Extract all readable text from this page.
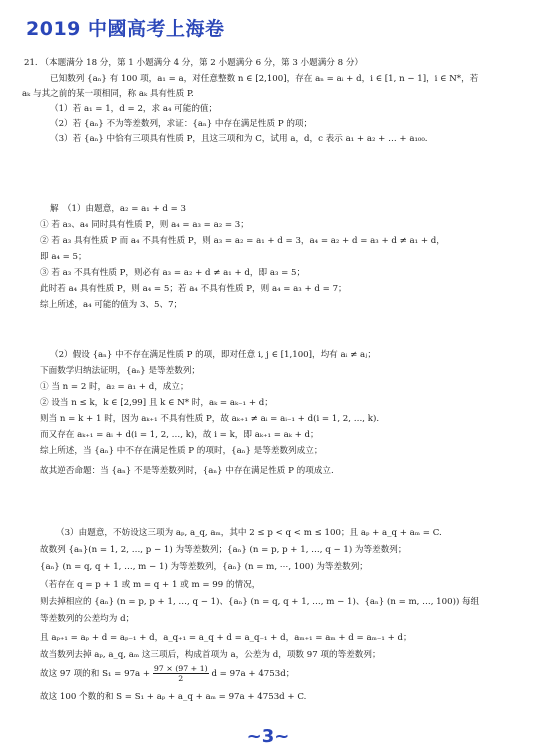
2019 中國高考上海卷
21. （本题满分 18 分，第 1 小题满分 4 分，第 2 小题满分 6 分，第 3 小题满分 8 分）
已知数列 {aₙ} 有 100 项，a₁ = a，对任意整数 n ∈ [2,100]，存在 aₙ = aᵢ + d，i ∈ [1, n − 1]，i ∈ N*，若
aₖ 与其之前的某一项相同，称 aₖ 具有性质 P.
（1）若 a₁ = 1，d = 2，求 a₄ 可能的值；
（2）若 {aₙ} 不为等差数列，求证：{aₙ} 中存在满足性质 P 的项；
（3）若 {aₙ} 中恰有三项具有性质 P，且这三项和为 C，试用 a，d，c 表示 a₁ + a₂ + … + a₁₀₀.
解　（1）由题意，a₂ = a₁ + d = 3
① 若 a₃、a₄ 同时具有性质 P，则 a₄ = a₃ = a₂ = 3；
② 若 a₃ 具有性质 P 而 a₄ 不具有性质 P，则 a₃ = a₂ = a₁ + d = 3，a₄ = a₂ + d = a₃ + d ≠ a₁ + d，
即 a₄ = 5；
③ 若 a₃ 不具有性质 P，则必有 a₃ = a₂ + d ≠ a₁ + d，即 a₃ = 5；
此时若 a₄ 具有性质 P，则 a₄ = 5；若 a₄ 不具有性质 P，则 a₄ = a₃ + d = 7；
综上所述，a₄ 可能的值为 3、5、7；
（2）假设 {aₙ} 中不存在满足性质 P 的项，即对任意 i, j ∈ [1,100]，均有 aᵢ ≠ aⱼ；
下面数学归纳法证明，{aₙ} 是等差数列；
① 当 n = 2 时，a₂ = a₁ + d，成立；
② 设当 n ≤ k，k ∈ [2,99] 且 k ∈ N* 时，aₖ = aₖ₋₁ + d；
则当 n = k + 1 时，因为 aₖ₊₁ 不具有性质 P，故 aₖ₊₁ ≠ aᵢ = aᵢ₋₁ + d(i = 1, 2, …, k).
而又存在 aₖ₊₁ = aᵢ + d(i = 1, 2, …, k)，故 i = k，即 aₖ₊₁ = aₖ + d；
综上所述，当 {aₙ} 中不存在满足性质 P 的项时，{aₙ} 是等差数列成立；
故其逆否命题：当 {aₙ} 不是等差数列时，{aₙ} 中存在满足性质 P 的项成立.
（3）由题意，不妨设这三项为 aₚ, a_q, aₘ，其中 2 ≤ p < q < m ≤ 100；且 aₚ + a_q + aₘ = C.
故数列 {aₙ}(n = 1, 2, …, p − 1) 为等差数列；{aₙ} (n = p, p + 1, …, q − 1) 为等差数列；
{aₙ} (n = q, q + 1, …, m − 1) 为等差数列，{aₙ} (n = m, ⋯, 100) 为等差数列；
（若存在 q = p + 1 或 m = q + 1 或 m = 99 的情况，
则去掉相应的 {aₙ} (n = p, p + 1, …, q − 1)、{aₙ} (n = q, q + 1, …, m − 1)、{aₙ} (n = m, …, 100)) 每组
等差数列的公差均为 d；
且 aₚ₊₁ = aₚ + d = aₚ₋₁ + d，a_q₊₁ = a_q + d = a_q₋₁ + d，aₘ₊₁ = aₘ + d = aₘ₋₁ + d；
故当数列去掉 aₚ, a_q, aₘ 这三项后，构成首项为 a，公差为 d，项数 97 项的等差数列；
故这 97 项的和 $S_1 = 97a + \frac{97 \times (97 + 1)}{2}$ d = 97a + 4753d；
故这 100 个数的和 S = S₁ + aₚ + a_q + aₘ = 97a + 4753d + C.
~3~
